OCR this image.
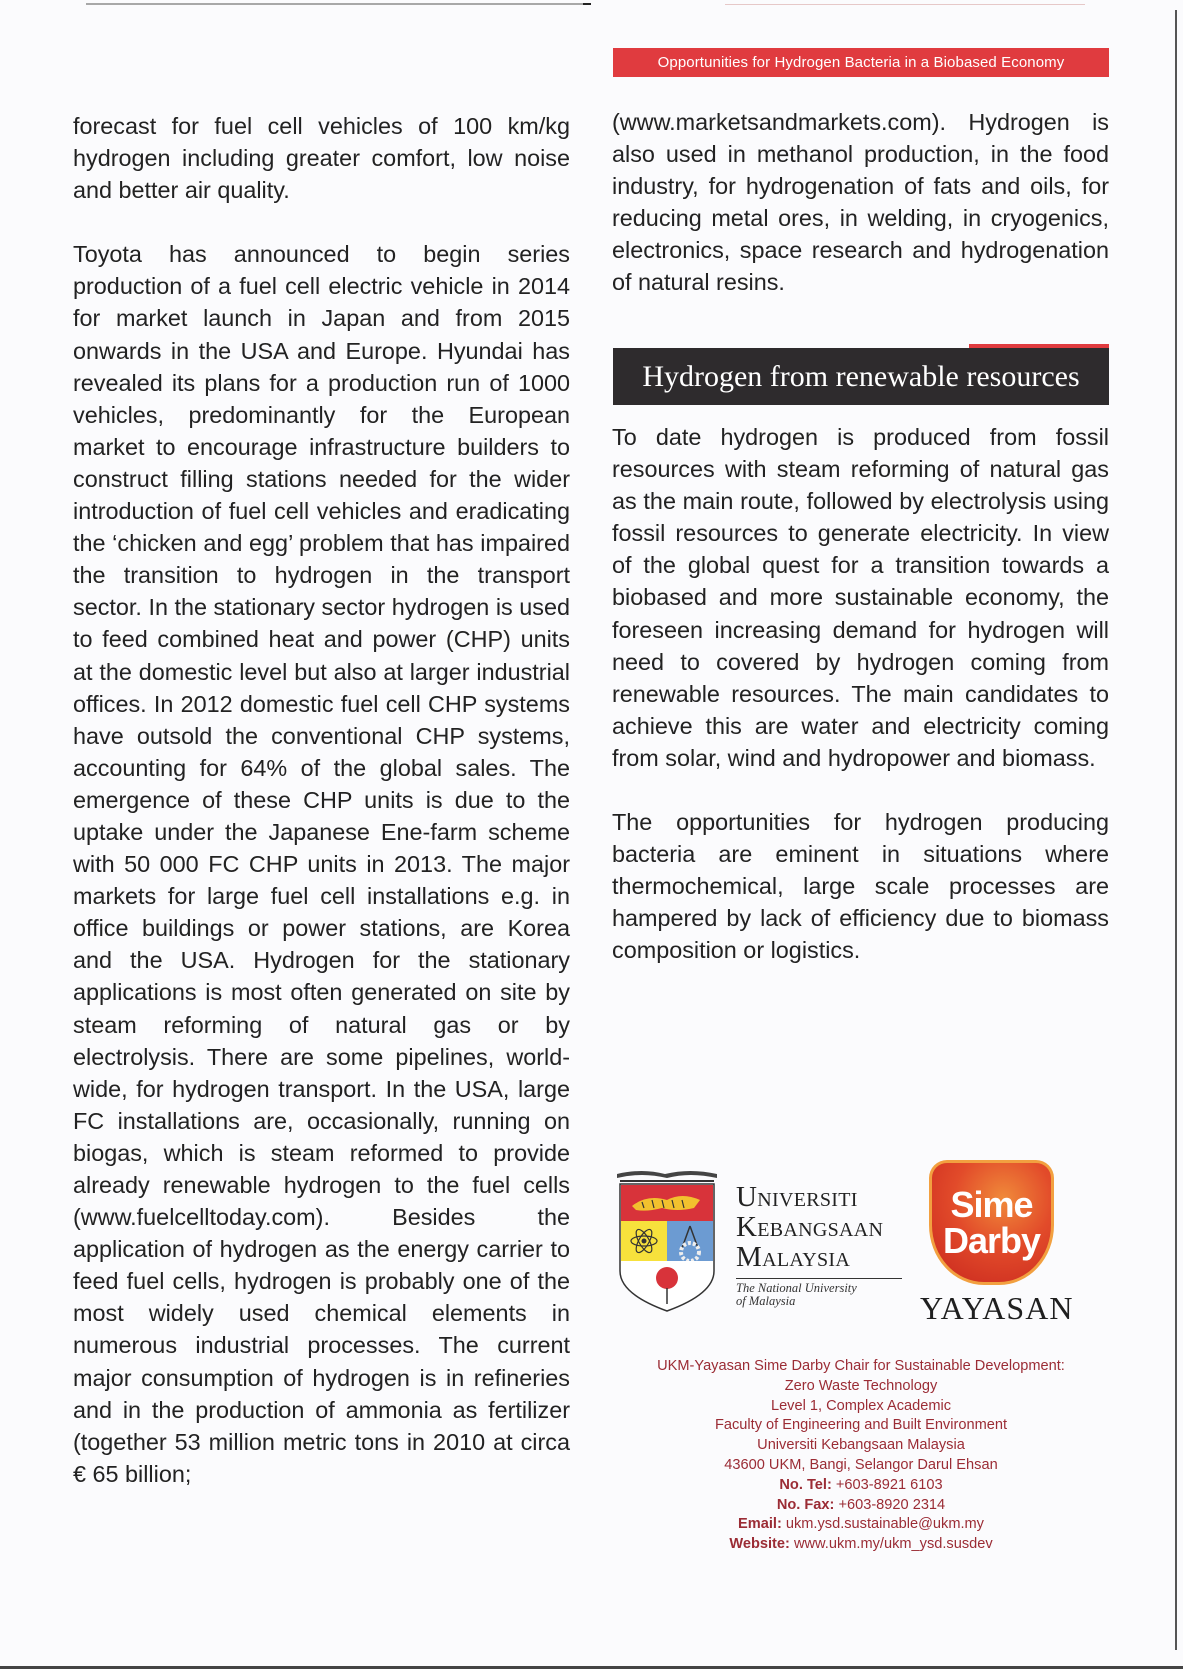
Opportunities for Hydrogen Bacteria in a Biobased Economy

forecast for fuel cell vehicles of 100 km/kg hydrogen including greater comfort, low noise and better air quality.

Toyota has announced to begin series production of a fuel cell electric vehicle in 2014 for market launch in Japan and from 2015 onwards in the USA and Europe. Hyundai has revealed its plans for a production run of 1000 vehicles, predominantly for the European market to encourage infrastructure builders to construct filling stations needed for the wider introduction of fuel cell vehicles and eradicating the ‘chicken and egg’ problem that has impaired the transition to hydrogen in the transport sector. In the stationary sector hydrogen is used to feed combined heat and power (CHP) units at the domestic level but also at larger industrial offices. In 2012 domestic fuel cell CHP systems have outsold the conventional CHP systems, accounting for 64% of the global sales. The emergence of these CHP units is due to the uptake under the Japanese Ene-farm scheme with 50 000 FC CHP units in 2013. The major markets for large fuel cell installations e.g. in office buildings or power stations, are Korea and the USA. Hydrogen for the stationary applications is most often generated on site by steam reforming of natural gas or by electrolysis. There are some pipelines, world-wide, for hydrogen transport. In the USA, large FC installations are, occasionally, running on biogas, which is steam reformed to provide already renewable hydrogen to the fuel cells (www.fuelcelltoday.com). Besides the application of hydrogen as the energy carrier to feed fuel cells, hydrogen is probably one of the most widely used chemical elements in numerous industrial processes. The current major consumption of hydrogen is in refineries and in the production of ammonia as fertilizer (together 53 million metric tons in 2010 at circa € 65 billion;

(www.marketsandmarkets.com). Hydrogen is also used in methanol production, in the food industry, for hydrogenation of fats and oils, for reducing metal ores, in welding, in cryogenics, electronics, space research and hydrogenation of natural resins.

Hydrogen from renewable resources

To date hydrogen is produced from fossil resources with steam reforming of natural gas as the main route, followed by electrolysis using fossil resources to generate electricity. In view of the global quest for a transition towards a biobased and more sustainable economy, the foreseen increasing demand for hydrogen will need to covered by hydrogen coming from renewable resources. The main candidates to achieve this are water and electricity coming from solar, wind and hydropower and biomass.

The opportunities for hydrogen producing bacteria are eminent in situations where thermochemical, large scale processes are hampered by lack of efficiency due to biomass composition or logistics.

UNIVERSITI
KEBANGSAAN
MALAYSIA
The National University
of Malaysia
Sime
Darby
YAYASAN
UKM-Yayasan Sime Darby Chair for Sustainable Development:
Zero Waste Technology
Level 1, Complex Academic
Faculty of Engineering and Built Environment
Universiti Kebangsaan Malaysia
43600 UKM, Bangi, Selangor Darul Ehsan
No. Tel: +603-8921 6103
No. Fax: +603-8920 2314
Email: ukm.ysd.sustainable@ukm.my
Website: www.ukm.my/ukm_ysd.susdev
